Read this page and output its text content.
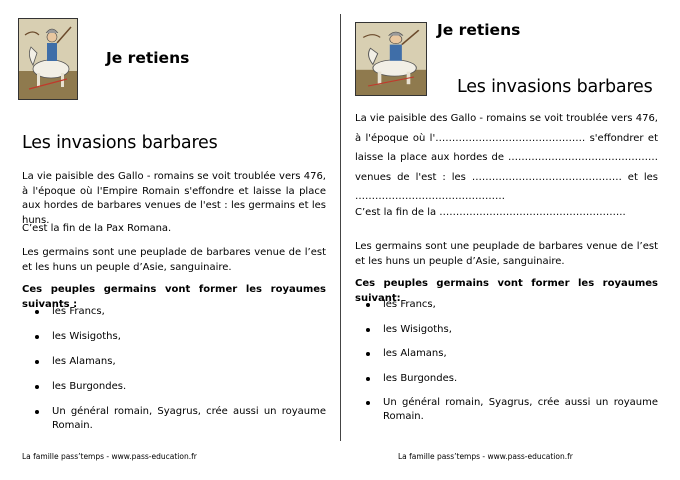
Je retiens
Les invasions barbares
La vie paisible des Gallo - romains se voit troublée vers 476, à l'époque où l'Empire Romain s'effondre et laisse la place aux hordes de barbares venues de l'est : les germains et les huns.
C’est la fin de la Pax Romana.
Les germains sont une peuplade de barbares venue de l’est et les huns un peuple d’Asie, sanguinaire.
Ces peuples germains vont former les royaumes suivants :
les Francs,
les Wisigoths,
les Alamans,
les Burgondes.
Un général romain, Syagrus, crée aussi un royaume Romain.
La famille pass’temps - www.pass-education.fr
Je retiens
Les invasions barbares
La vie paisible des Gallo - romains se voit troublée vers 476, à l'époque où l'……………………………………… s'effondrer et laisse la place aux hordes de ……………………………………… venues de l'est : les ……………………………………… et les ………………………………………
C’est la fin de la ………………………………………………..
Les germains sont une peuplade de barbares venue de l’est et les huns un peuple d’Asie, sanguinaire.
Ces peuples germains vont former les royaumes suivant:
les Francs,
les Wisigoths,
les Alamans,
les Burgondes.
Un général romain, Syagrus, crée aussi un royaume Romain.
La famille pass’temps - www.pass-education.fr
